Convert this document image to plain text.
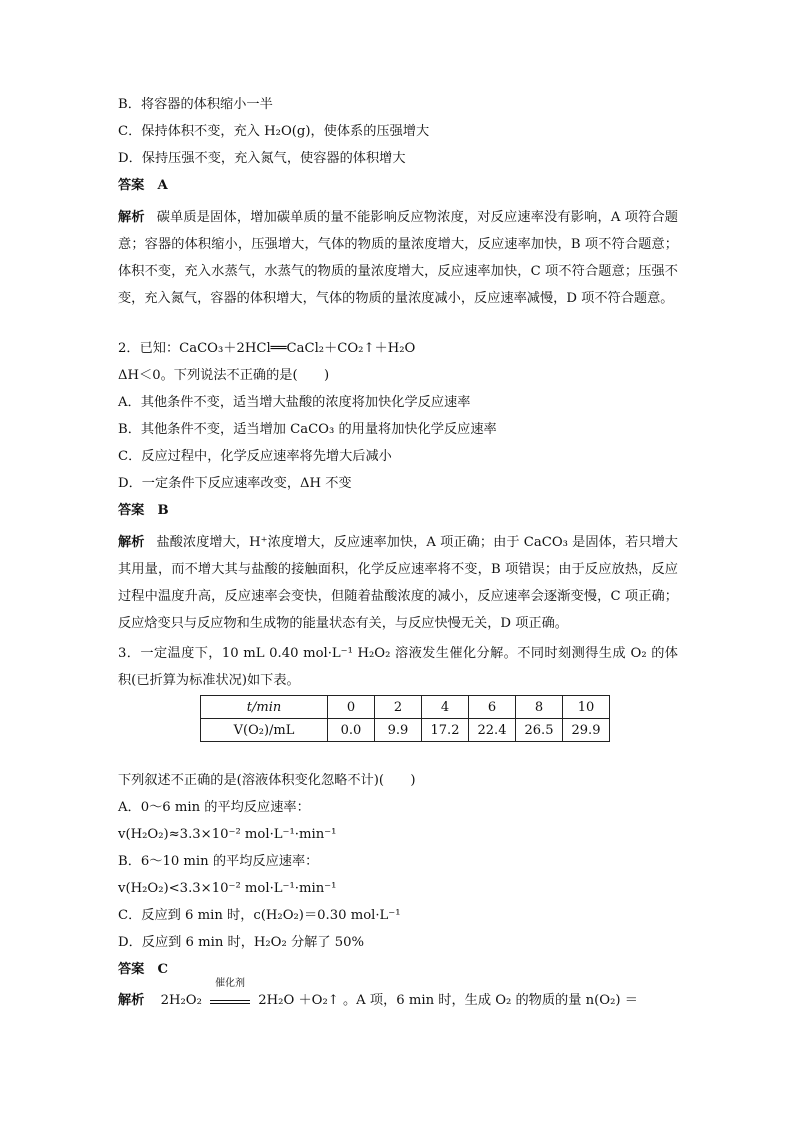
B．将容器的体积缩小一半
C．保持体积不变，充入 H₂O(g)，使体系的压强增大
D．保持压强不变，充入氮气，使容器的体积增大
答案　A
解析 碳单质是固体，增加碳单质的量不能影响反应物浓度，对反应速率没有影响，A 项符合题意；容器的体积缩小，压强增大，气体的物质的量浓度增大，反应速率加快，B 项不符合题意；体积不变，充入水蒸气，水蒸气的物质的量浓度增大，反应速率加快，C 项不符合题意；压强不变，充入氮气，容器的体积增大，气体的物质的量浓度减小，反应速率减慢，D 项不符合题意。
2．已知：CaCO₃＋2HCl══CaCl₂＋CO₂↑＋H₂O
ΔH＜0。下列说法不正确的是(　　)
A．其他条件不变，适当增大盐酸的浓度将加快化学反应速率
B．其他条件不变，适当增加 CaCO₃ 的用量将加快化学反应速率
C．反应过程中，化学反应速率将先增大后减小
D．一定条件下反应速率改变，ΔH 不变
答案　B
解析 盐酸浓度增大，H⁺浓度增大，反应速率加快，A 项正确；由于 CaCO₃ 是固体，若只增大其用量，而不增大其与盐酸的接触面积，化学反应速率将不变，B 项错误；由于反应放热，反应过程中温度升高，反应速率会变快，但随着盐酸浓度的减小，反应速率会逐渐变慢，C 项正确；反应焓变只与反应物和生成物的能量状态有关，与反应快慢无关，D 项正确。
3．一定温度下，10 mL 0.40 mol·L⁻¹ H₂O₂ 溶液发生催化分解。不同时刻测得生成 O₂ 的体积(已折算为标准状况)如下表。
t/min	0	2	4	6	8	10
V(O₂)/mL	0.0	9.9	17.2	22.4	26.5	29.9
下列叙述不正确的是(溶液体积变化忽略不计)(　　)
A．0～6 min 的平均反应速率：
v(H₂O₂)≈3.3×10⁻² mol·L⁻¹·min⁻¹
B．6～10 min 的平均反应速率：
v(H₂O₂)<3.3×10⁻² mol·L⁻¹·min⁻¹
C．反应到 6 min 时，c(H₂O₂)＝0.30 mol·L⁻¹
D．反应到 6 min 时，H₂O₂ 分解了 50%
答案　C
解析 2H₂O₂
催化剂
2H₂O ＋O₂↑ 。A 项，6 min 时，生成 O₂ 的物质的量 n(O₂) ＝
